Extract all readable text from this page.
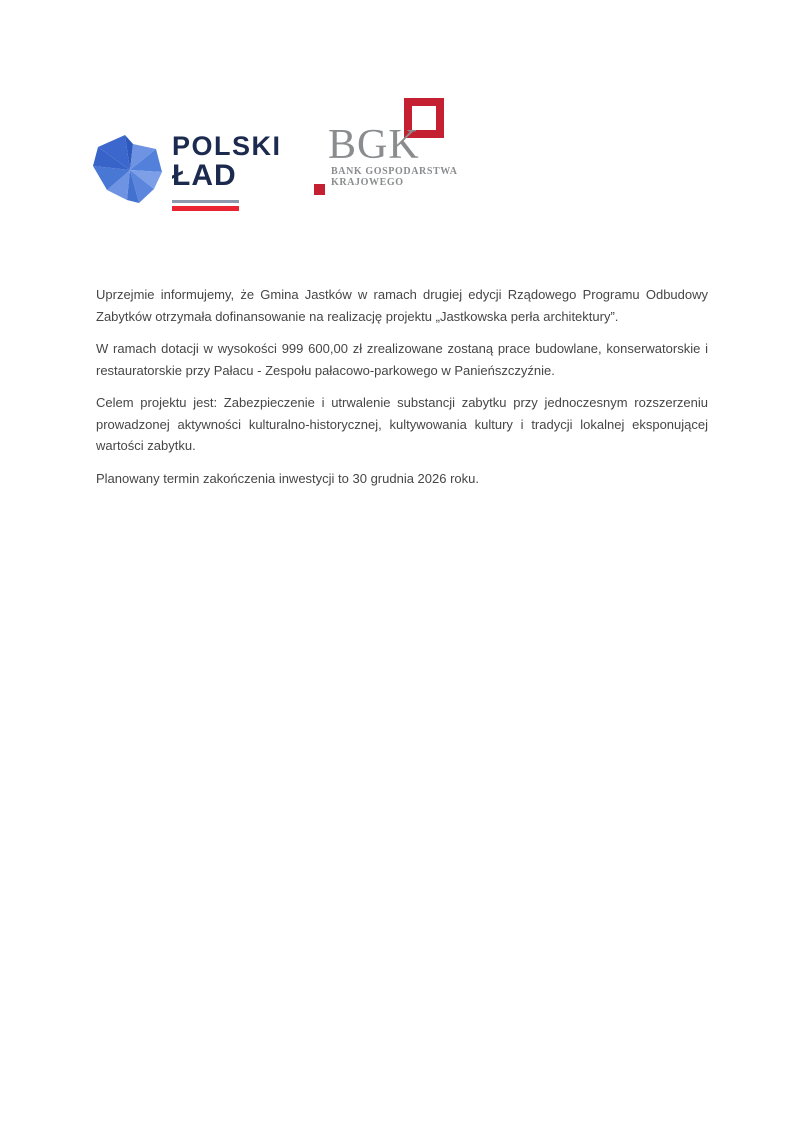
POLSKI
ŁAD
BGK
BANK GOSPODARSTWA
KRAJOWEGO

Uprzejmie informujemy, że Gmina Jastków w ramach drugiej edycji Rządowego Programu Odbudowy Zabytków otrzymała dofinansowanie na realizację projektu „Jastkowska perła architektury”.

W ramach dotacji w wysokości 999 600,00 zł zrealizowane zostaną prace budowlane, konserwatorskie i restauratorskie przy Pałacu - Zespołu pałacowo-parkowego w Panieńszczyźnie.

Celem projektu jest: Zabezpieczenie i utrwalenie substancji zabytku przy jednoczesnym rozszerzeniu prowadzonej aktywności kulturalno-historycznej, kultywowania kultury i tradycji lokalnej eksponującej wartości zabytku.

Planowany termin zakończenia inwestycji to 30 grudnia 2026 roku.
